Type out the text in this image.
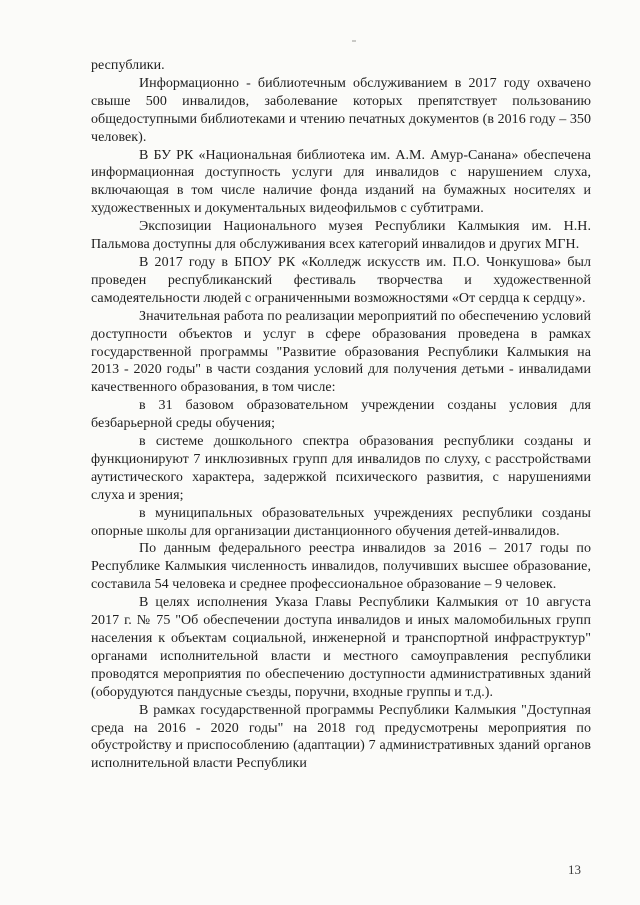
республики.

Информационно - библиотечным обслуживанием в 2017 году охвачено свыше 500 инвалидов, заболевание которых препятствует пользованию общедоступными библиотеками и чтению печатных документов (в 2016 году – 350 человек).

В БУ РК «Национальная библиотека им. А.М. Амур-Санана» обеспечена информационная доступность услуги для инвалидов с нарушением слуха, включающая в том числе наличие фонда изданий на бумажных носителях и художественных и документальных видеофильмов с субтитрами.

Экспозиции Национального музея Республики Калмыкия им. Н.Н. Пальмова доступны для обслуживания всех категорий инвалидов и других МГН.

В 2017 году в БПОУ РК «Колледж искусств им. П.О. Чонкушова» был проведен республиканский фестиваль творчества и художественной самодеятельности людей с ограниченными возможностями «От сердца к сердцу».

Значительная работа по реализации мероприятий по обеспечению условий доступности объектов и услуг в сфере образования проведена в рамках государственной программы "Развитие образования Республики Калмыкия на 2013 - 2020 годы" в части создания условий для получения детьми - инвалидами качественного образования, в том числе:

в 31 базовом образовательном учреждении созданы условия для безбарьерной среды обучения;

в системе дошкольного спектра образования республики созданы и функционируют 7 инклюзивных групп для инвалидов по слуху, с расстройствами аутистического характера, задержкой психического развития, с нарушениями слуха и зрения;

в муниципальных образовательных учреждениях республики созданы опорные школы для организации дистанционного обучения детей-инвалидов.

По данным федерального реестра инвалидов за 2016 – 2017 годы по Республике Калмыкия численность инвалидов, получивших высшее образование, составила 54 человека и среднее профессиональное образование – 9 человек.

В целях исполнения Указа Главы Республики Калмыкия от 10 августа 2017 г. № 75 "Об обеспечении доступа инвалидов и иных маломобильных групп населения к объектам социальной, инженерной и транспортной инфраструктур" органами исполнительной власти и местного самоуправления республики проводятся мероприятия по обеспечению доступности административных зданий (оборудуются пандусные съезды, поручни, входные группы и т.д.).

В рамках государственной программы Республики Калмыкия "Доступная среда на 2016 - 2020 годы" на 2018 год предусмотрены мероприятия по обустройству и приспособлению (адаптации) 7 административных зданий органов исполнительной власти Республики

13
